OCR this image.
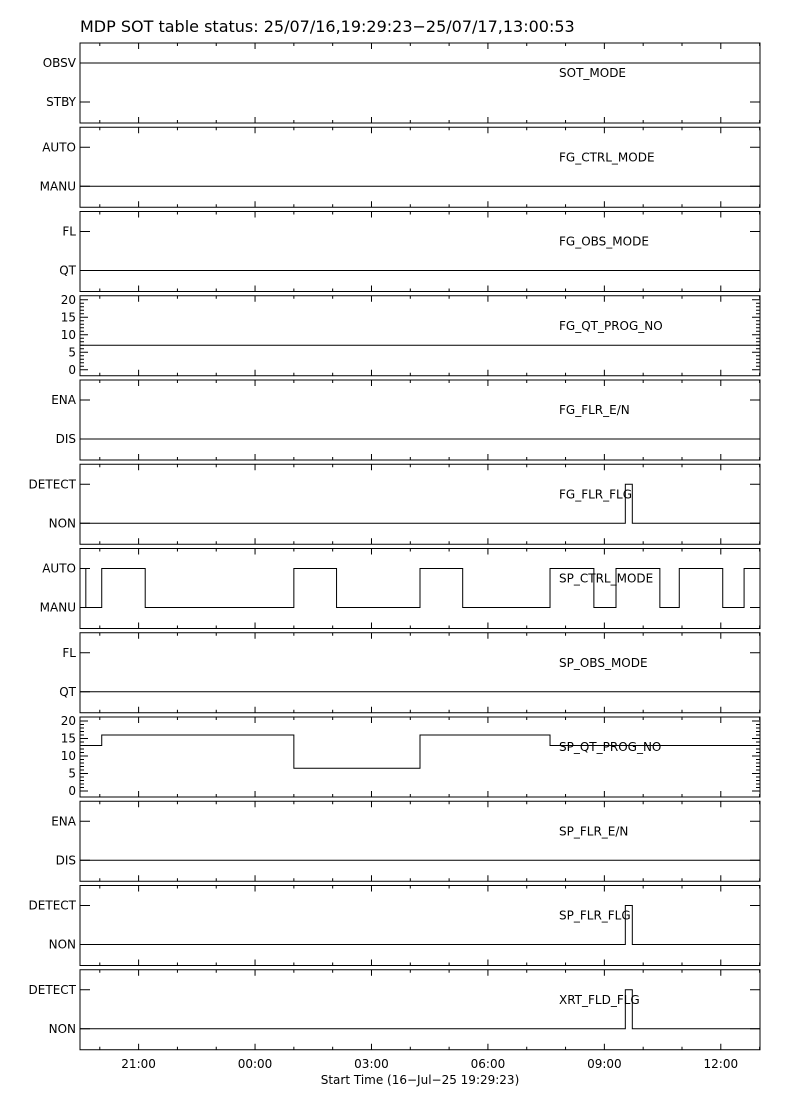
MDP SOT table status: 25/07/16,19:29:23−25/07/17,13:00:53
STBY
OBSV
SOT_MODE
MANU
AUTO
FG_CTRL_MODE
QT
FL
FG_OBS_MODE
0
5
10
15
20
FG_QT_PROG_NO
DIS
ENA
FG_FLR_E/N
NON
DETECT
FG_FLR_FLG
MANU
AUTO
SP_CTRL_MODE
QT
FL
SP_OBS_MODE
0
5
10
15
20
SP_QT_PROG_NO
DIS
ENA
SP_FLR_E/N
NON
DETECT
SP_FLR_FLG
NON
DETECT
XRT_FLD_FLG
21:00	00:00	03:00	06:00	09:00	12:00
Start Time (16−Jul−25 19:29:23)
